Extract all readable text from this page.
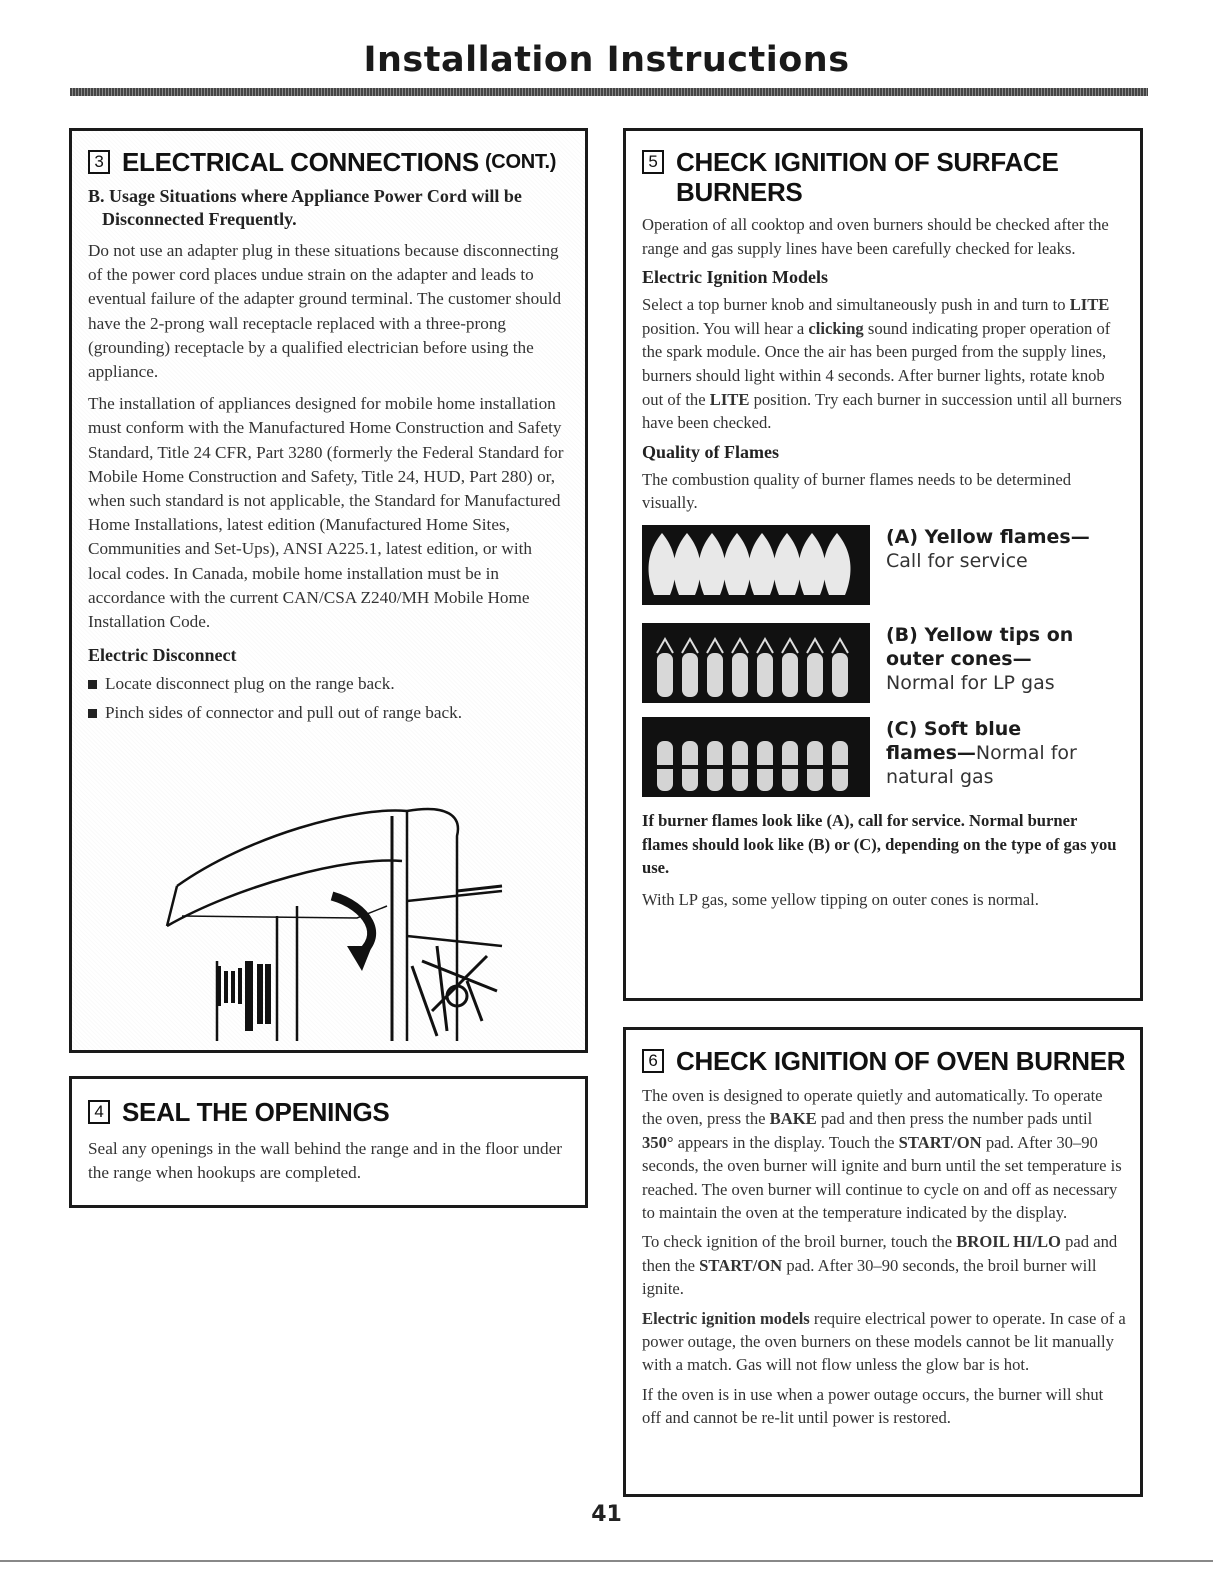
Installation Instructions
3 ELECTRICAL CONNECTIONS (CONT.)
B. Usage Situations where Appliance Power Cord will be
Disconnected Frequently.

Do not use an adapter plug in these situations because disconnecting of the power cord places undue strain on the adapter and leads to eventual failure of the adapter ground terminal. The customer should have the 2-prong wall receptacle replaced with a three-prong (grounding) receptacle by a qualified electrician before using the appliance.

The installation of appliances designed for mobile home installation must conform with the Manufactured Home Construction and Safety Standard, Title 24 CFR, Part 3280 (formerly the Federal Standard for Mobile Home Construction and Safety, Title 24, HUD, Part 280) or, when such standard is not applicable, the Standard for Manufactured Home Installations, latest edition (Manufactured Home Sites, Communities and Set-Ups), ANSI A225.1, latest edition, or with local codes. In Canada, mobile home installation must be in accordance with the current CAN/CSA Z240/MH Mobile Home Installation Code.

Electric Disconnect
Locate disconnect plug on the range back.
Pinch sides of connector and pull out of range back.
4 SEAL THE OPENINGS

Seal any openings in the wall behind the range and in the floor under the range when hookups are completed.

5 CHECK IGNITION OF SURFACE
BURNERS

Operation of all cooktop and oven burners should be checked after the range and gas supply lines have been carefully checked for leaks.

Electric Ignition Models

Select a top burner knob and simultaneously push in and turn to LITE position. You will hear a clicking sound indicating proper operation of the spark module. Once the air has been purged from the supply lines, burners should light within 4 seconds. After burner lights, rotate knob out of the LITE position. Try each burner in succession until all burners have been checked.

Quality of Flames

The combustion quality of burner flames needs to be determined visually.

(A) Yellow flames—
Call for service
(B) Yellow tips on
outer cones—
Normal for LP gas
(C) Soft blue
flames—Normal for
natural gas

If burner flames look like (A), call for service. Normal burner flames should look like (B) or (C), depending on the type of gas you use.

With LP gas, some yellow tipping on outer cones is normal.

6 CHECK IGNITION OF OVEN BURNER

The oven is designed to operate quietly and automatically. To operate the oven, press the BAKE pad and then press the number pads until 350° appears in the display. Touch the START/ON pad. After 30–90 seconds, the oven burner will ignite and burn until the set temperature is reached. The oven burner will continue to cycle on and off as necessary to maintain the oven at the temperature indicated by the display.

To check ignition of the broil burner, touch the BROIL HI/LO pad and then the START/ON pad. After 30–90 seconds, the broil burner will ignite.

Electric ignition models require electrical power to operate. In case of a power outage, the oven burners on these models cannot be lit manually with a match. Gas will not flow unless the glow bar is hot.

If the oven is in use when a power outage occurs, the burner will shut off and cannot be re-lit until power is restored.

41
